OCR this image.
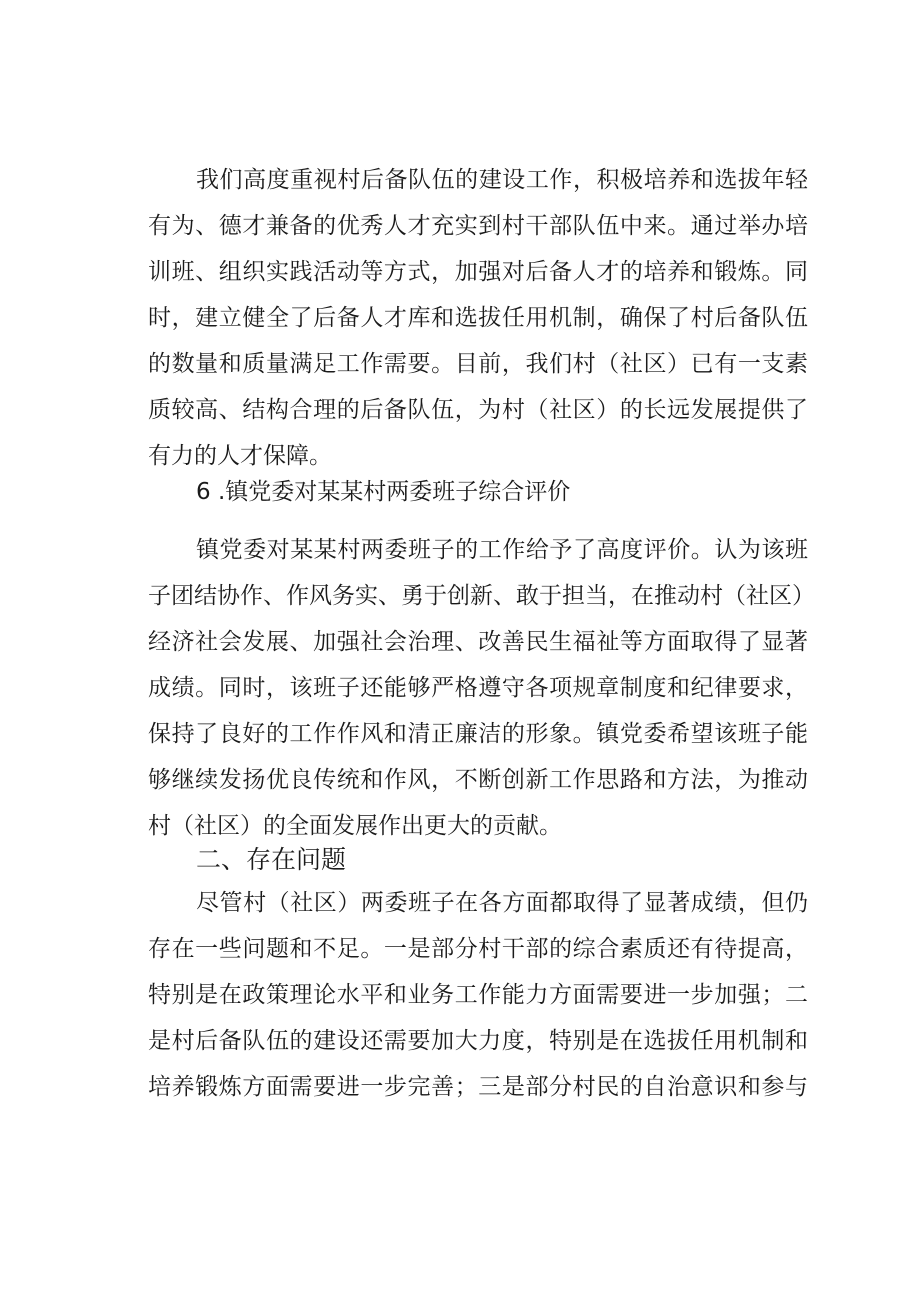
我们高度重视村后备队伍的建设工作，积极培养和选拔年轻
有为、德才兼备的优秀人才充实到村干部队伍中来。通过举办培
训班、组织实践活动等方式，加强对后备人才的培养和锻炼。同
时，建立健全了后备人才库和选拔任用机制，确保了村后备队伍
的数量和质量满足工作需要。目前，我们村（社区）已有一支素
质较高、结构合理的后备队伍，为村（社区）的长远发展提供了
有力的人才保障。
6 .镇党委对某某村两委班子综合评价
镇党委对某某村两委班子的工作给予了高度评价。认为该班
子团结协作、作风务实、勇于创新、敢于担当，在推动村（社区）
经济社会发展、加强社会治理、改善民生福祉等方面取得了显著
成绩。同时，该班子还能够严格遵守各项规章制度和纪律要求，
保持了良好的工作作风和清正廉洁的形象。镇党委希望该班子能
够继续发扬优良传统和作风，不断创新工作思路和方法，为推动
村（社区）的全面发展作出更大的贡献。
二、存在问题
尽管村（社区）两委班子在各方面都取得了显著成绩，但仍
存在一些问题和不足。一是部分村干部的综合素质还有待提高，
特别是在政策理论水平和业务工作能力方面需要进一步加强；二
是村后备队伍的建设还需要加大力度，特别是在选拔任用机制和
培养锻炼方面需要进一步完善；三是部分村民的自治意识和参与
